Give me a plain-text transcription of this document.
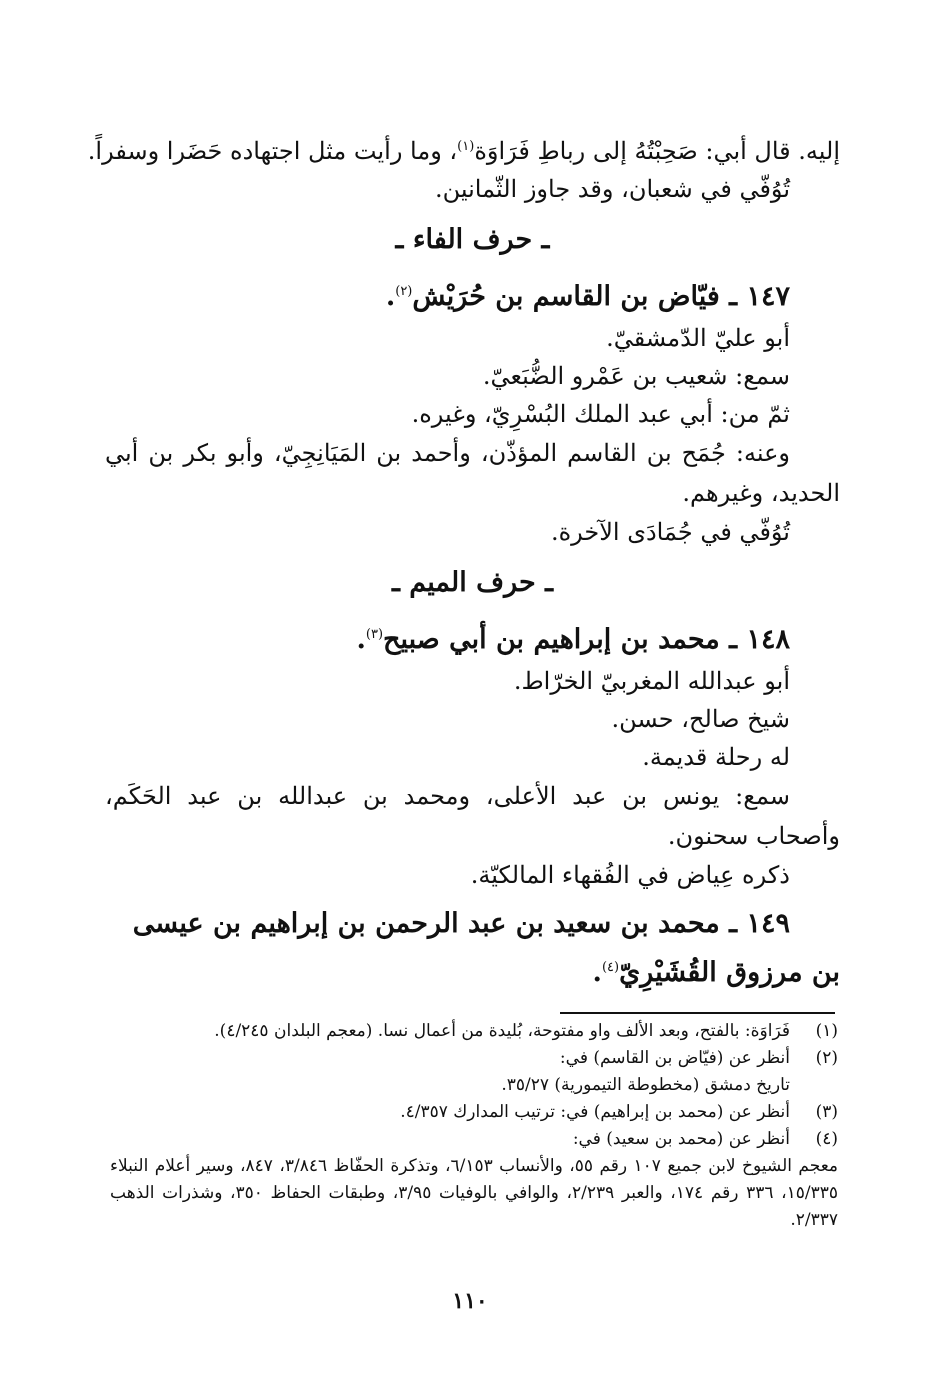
إليه. قال أبي: صَحِبْتُهُ إلى رباطِ فَرَاوَة$^{(١)}$، وما رأيت مثل اجتهاده حَضَرا وسفراً.
تُوُفّي في شعبان، وقد جاوز الثّمانين.
ـ حرف الفاء ـ
١٤٧ ـ فيّاض بن القاسم بن حُرَيْش$^{(٢)}$.
أبو عليّ الدّمشقيّ.
سمع: شعيب بن عَمْرو الضُّبَعيّ.
ثمّ من: أبي عبد الملك البُسْرِيّ، وغيره.
وعنه: جُمَح بن القاسم المؤذّن، وأحمد بن المَيَانِجِيّ، وأبو بكر بن أبي الحديد، وغيرهم.
تُوُفّي في جُمَادَى الآخرة.
ـ حرف الميم ـ
١٤٨ ـ محمد بن إبراهيم بن أبي صبيح$^{(٣)}$.
أبو عبدالله المغربيّ الخرّاط.
شيخ صالح، حسن.
له رحلة قديمة.
سمع: يونس بن عبد الأعلى، ومحمد بن عبدالله بن عبد الحَكَم، وأصحاب سحنون.
ذكره عِياض في الفُقهاء المالكيّة.
١٤٩ ـ محمد بن سعيد بن عبد الرحمن بن إبراهيم بن عيسى بن مرزوق القُشَيْرِيّ$^{(٤)}$.
(١)
فَرَاوَة: بالفتح، وبعد الألف واو مفتوحة، بُليدة من أعمال نسا. (معجم البلدان ٤/٢٤٥).
(٢)
أنظر عن (فيّاض بن القاسم) في:
تاريخ دمشق (مخطوطة التيمورية) ٣٥/٢٧.
(٣)
أنظر عن (محمد بن إبراهيم) في: ترتيب المدارك ٤/٣٥٧.
(٤)
أنظر عن (محمد بن سعيد) في:
معجم الشيوخ لابن جميع ١٠٧ رقم ٥٥، والأنساب ٦/١٥٣، وتذكرة الحفّاظ ٣/٨٤٦، ٨٤٧، وسير أعلام النبلاء ١٥/٣٣٥، ٣٣٦ رقم ١٧٤، والعبر ٢/٢٣٩، والوافي بالوفيات ٣/٩٥، وطبقات الحفاظ ٣٥٠، وشذرات الذهب ٢/٣٣٧.
١١٠
